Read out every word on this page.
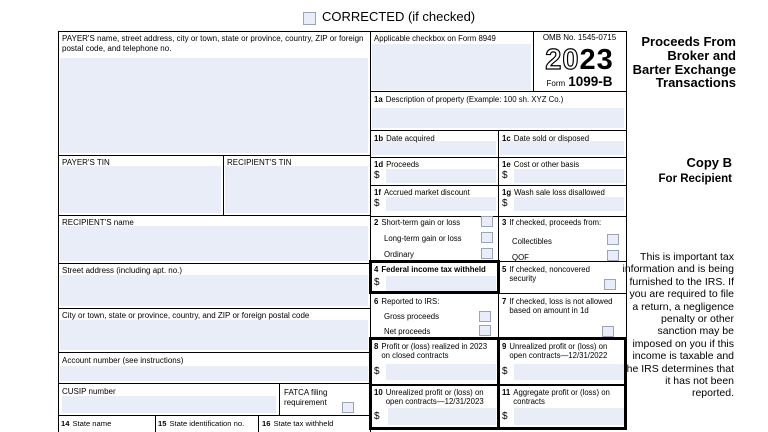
CORRECTED (if checked)
PAYER'S name, street address, city or town, state or province, country, ZIP or foreign postal code, and telephone no.
Applicable checkbox on Form 8949	OMB No. 1545-0715
2023
Form 1099-B
Proceeds From
Broker and
Barter Exchange
Transactions
1a Description of property (Example: 100 sh. XYZ Co.)
1b Date acquired	1c Date sold or disposed
1d Proceeds	1e Cost or other basis
$	$
1f Accrued market discount	1g Wash sale loss disallowed
$	$
2 Short-term gain or loss
Long-term gain or loss
Ordinary
3 If checked, proceeds from:
Collectibles
QOF
4 Federal income tax withheld
$
5 If checked, noncovered security
6 Reported to IRS:
Gross proceeds
Net proceeds
7 If checked, loss is not allowed based on amount in 1d
8 Profit or (loss) realized in 2023 on closed contracts
$
9 Unrealized profit or (loss) on open contracts—12/31/2022
$
10 Unrealized profit or (loss) on open contracts—12/31/2023
$
11 Aggregate profit or (loss) on contracts
$
PAYER'S TIN	RECIPIENT'S TIN
RECIPIENT'S name
Street address (including apt. no.)
City or town, state or province, country, and ZIP or foreign postal code
Account number (see instructions)
CUSIP number	FATCA filing requirement
14 State name	15 State identification no.	16 State tax withheld
Copy B
For Recipient
This is important tax information and is being furnished to the IRS. If you are required to file a return, a negligence penalty or other sanction may be imposed on you if this income is taxable and the IRS determines that it has not been reported.
